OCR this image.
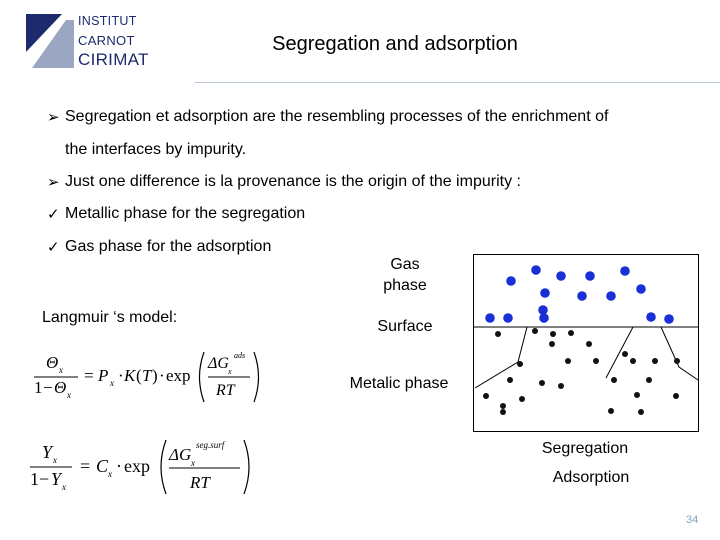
INSTITUT
CARNOT
CIRIMAT
Segregation and adsorption
➢ Segregation et adsorption are the resembling processes of the enrichment of
the interfaces by impurity.
➢ Just one difference is la provenance is the origin of the impurity :
✓ Metallic phase for the segregation
✓ Gas phase for the adsorption
Langmuir ‘s model:
Θ x
1 − Θ x
= P x · K ( T ) · exp
ΔG x
ads
RT
Y x
1 − Y x
= C x · exp
ΔG x
seg.surf
RT
Gas
phase
Surface
Metalic phase
Segregation
Adsorption
34
